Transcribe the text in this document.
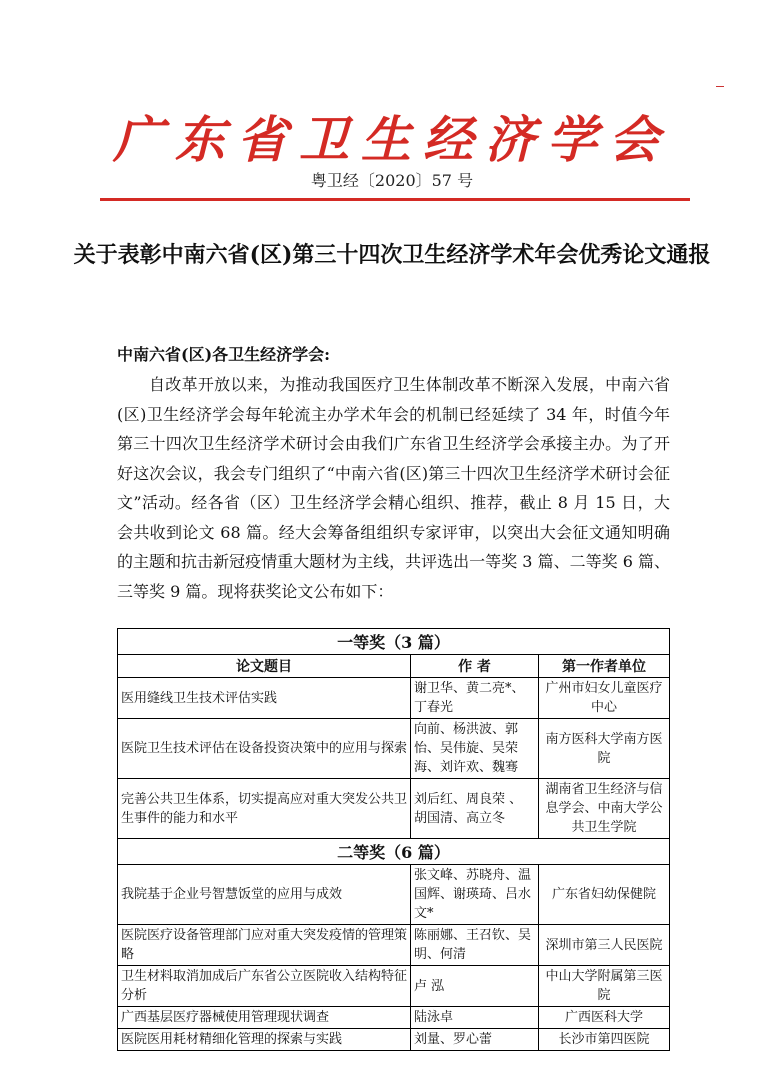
广东省卫生经济学会
粤卫经〔2020〕57 号
关于表彰中南六省(区)第三十四次卫生经济学术年会优秀论文通报
中南六省(区)各卫生经济学会:

自改革开放以来，为推动我国医疗卫生体制改革不断深入发展，中南六省(区)卫生经济学会每年轮流主办学术年会的机制已经延续了 34 年，时值今年第三十四次卫生经济学术研讨会由我们广东省卫生经济学会承接主办。为了开好这次会议，我会专门组织了“中南六省(区)第三十四次卫生经济学术研讨会征文”活动。经各省（区）卫生经济学会精心组织、推荐，截止 8 月 15 日，大会共收到论文 68 篇。经大会筹备组组织专家评审，以突出大会征文通知明确的主题和抗击新冠疫情重大题材为主线，共评选出一等奖 3 篇、二等奖 6 篇、三等奖 9 篇。现将获奖论文公布如下：

一等奖（3 篇）		
论文题目	作 者	第一作者单位
医用缝线卫生技术评估实践	谢卫华、黄二亮*、丁春光	广州市妇女儿童医疗中心
医院卫生技术评估在设备投资决策中的应用与探索	向前、杨洪波、郭怡、吴伟旋、吴荣海、刘许欢、魏骞	南方医科大学南方医院
完善公共卫生体系，切实提高应对重大突发公共卫生事件的能力和水平	刘后红、周良荣 、胡国清、高立冬	湖南省卫生经济与信息学会、中南大学公共卫生学院
二等奖（6 篇）		
我院基于企业号智慧饭堂的应用与成效	张文峰、苏晓舟、温国辉、谢瑛琦、吕水文*	广东省妇幼保健院
医院医疗设备管理部门应对重大突发疫情的管理策略	陈丽娜、王召钦、吴明、何清	深圳市第三人民医院
卫生材料取消加成后广东省公立医院收入结构特征分析	卢 泓	中山大学附属第三医院
广西基层医疗器械使用管理现状调查	陆泳卓	广西医科大学
医院医用耗材精细化管理的探索与实践	刘量、罗心蕾	长沙市第四医院
